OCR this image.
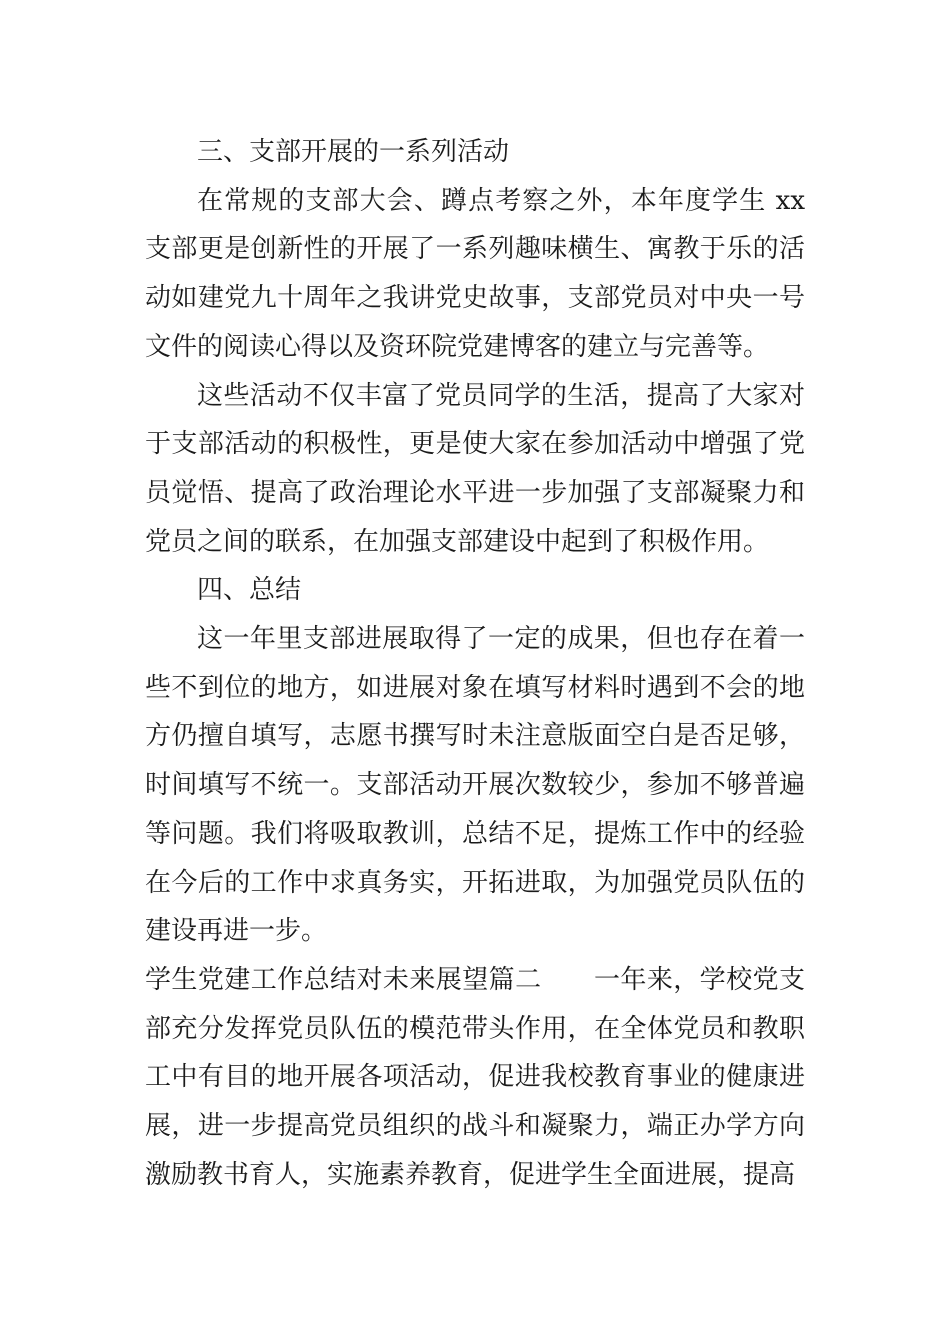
三、支部开展的一系列活动

在常规的支部大会、蹲点考察之外，本年度学生 xx 支部更是创新性的开展了一系列趣味横生、寓教于乐的活动如建党九十周年之我讲党史故事，支部党员对中央一号文件的阅读心得以及资环院党建博客的建立与完善等。

这些活动不仅丰富了党员同学的生活，提高了大家对于支部活动的积极性，更是使大家在参加活动中增强了党员觉悟、提高了政治理论水平进一步加强了支部凝聚力和党员之间的联系，在加强支部建设中起到了积极作用。

四、总结

这一年里支部进展取得了一定的成果，但也存在着一些不到位的地方，如进展对象在填写材料时遇到不会的地方仍擅自填写，志愿书撰写时未注意版面空白是否足够，时间填写不统一。支部活动开展次数较少，参加不够普遍等问题。我们将吸取教训，总结不足，提炼工作中的经验在今后的工作中求真务实，开拓进取，为加强党员队伍的建设再进一步。

学生党建工作总结对未来展望篇二 一年来，学校党支部充分发挥党员队伍的模范带头作用，在全体党员和教职工中有目的地开展各项活动，促进我校教育事业的健康进展，进一步提高党员组织的战斗和凝聚力，端正办学方向激励教书育人，实施素养教育，促进学生全面进展，提高
